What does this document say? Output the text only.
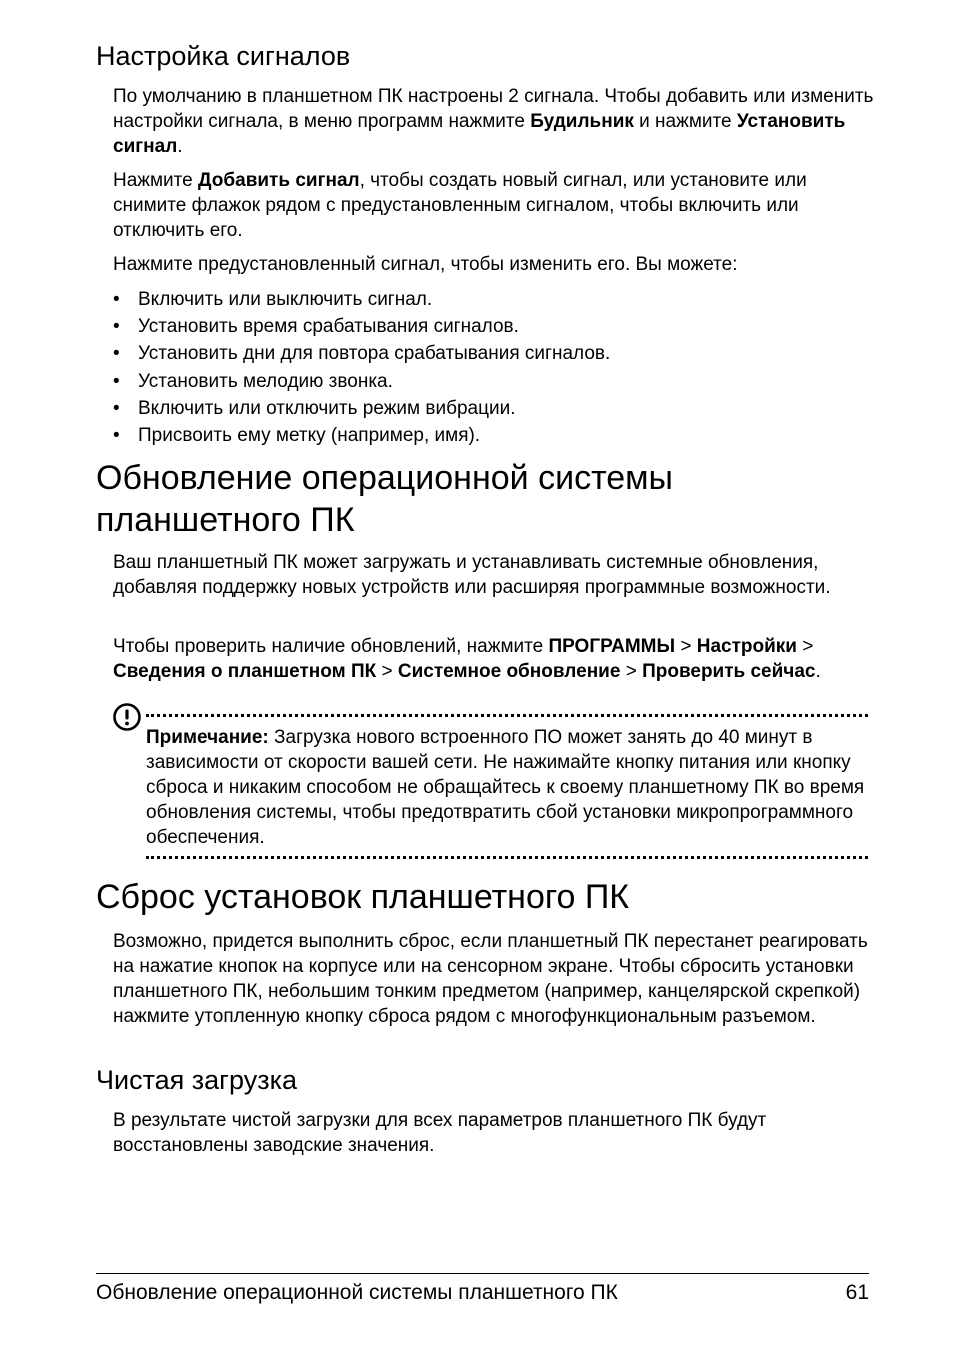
Настройка сигналов

По умолчанию в планшетном ПК настроены 2 сигнала. Чтобы добавить или изменить настройки сигнала, в меню программ нажмите Будильник и нажмите Установить сигнал.

Нажмите Добавить сигнал, чтобы создать новый сигнал, или установите или снимите флажок рядом с предустановленным сигналом, чтобы включить или отключить его.

Нажмите предустановленный сигнал, чтобы изменить его. Вы можете:

• Включить или выключить сигнал.
• Установить время срабатывания сигналов.
• Установить дни для повтора срабатывания сигналов.
• Установить мелодию звонка.
• Включить или отключить режим вибрации.
• Присвоить ему метку (например, имя).
Обновление операционной системы
планшетного ПК

Ваш планшетный ПК может загружать и устанавливать системные обновления, добавляя поддержку новых устройств или расширяя программные возможности.

Чтобы проверить наличие обновлений, нажмите ПРОГРАММЫ > Настройки > Сведения о планшетном ПК > Системное обновление > Проверить сейчас.

Примечание: Загрузка нового встроенного ПО может занять до 40 минут в зависимости от скорости вашей сети. Не нажимайте кнопку питания или кнопку сброса и никаким способом не обращайтесь к своему планшетному ПК во время обновления системы, чтобы предотвратить сбой установки микропрограммного обеспечения.

Сброс установок планшетного ПК

Возможно, придется выполнить сброс, если планшетный ПК перестанет реагировать на нажатие кнопок на корпусе или на сенсорном экране. Чтобы сбросить установки планшетного ПК, небольшим тонким предметом (например, канцелярской скрепкой) нажмите утопленную кнопку сброса рядом с многофункциональным разъемом.

Чистая загрузка

В результате чистой загрузки для всех параметров планшетного ПК будут восстановлены заводские значения.

Обновление операционной системы планшетного ПК	61
